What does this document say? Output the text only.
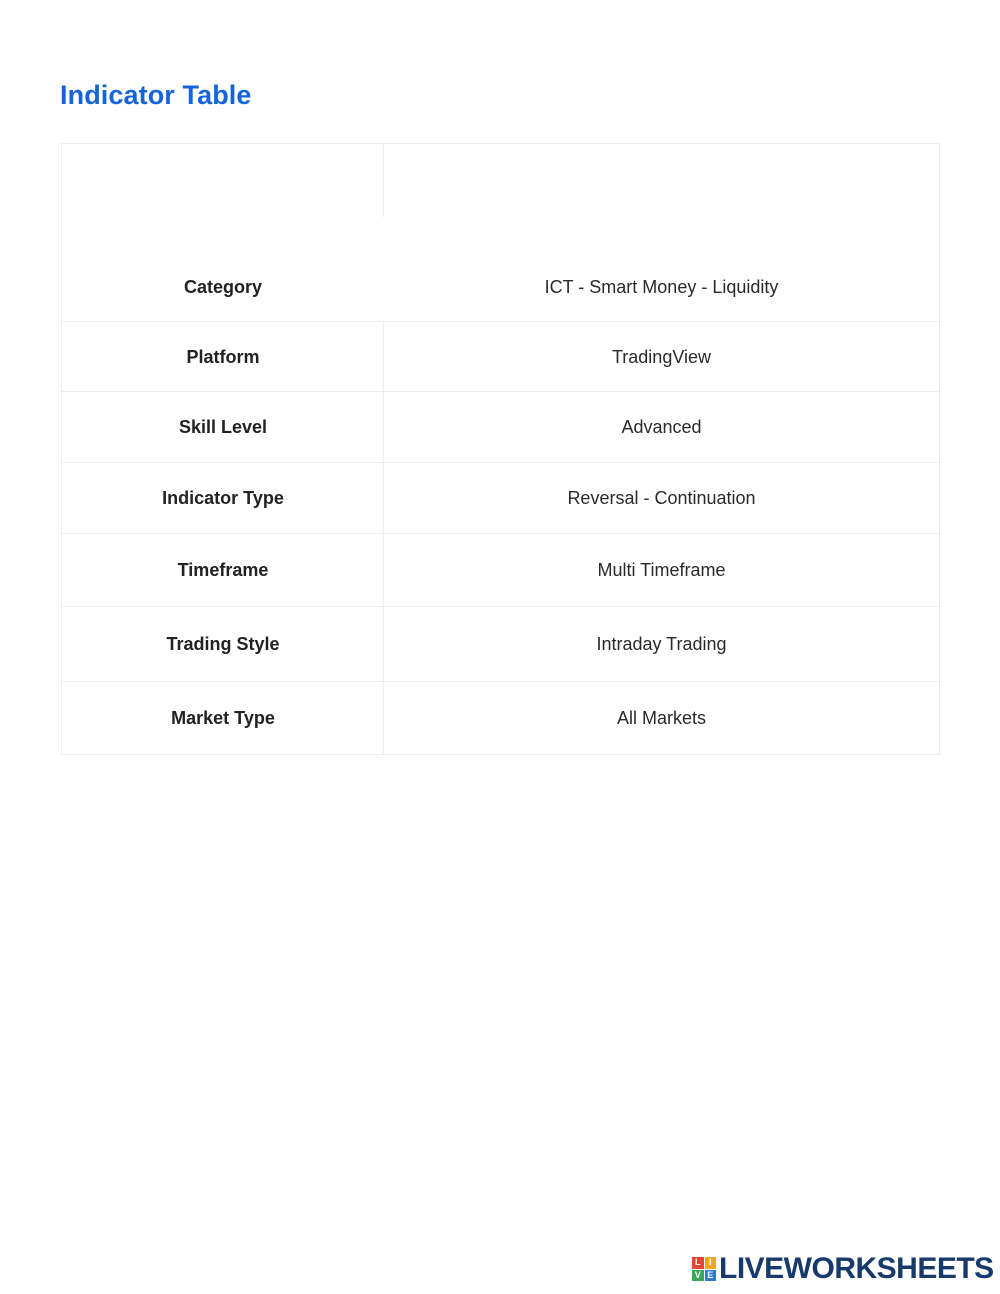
Indicator Table
Category	ICT - Smart Money - Liquidity
Platform	TradingView
Skill Level	Advanced
Indicator Type	Reversal - Continuation
Timeframe	Multi Timeframe
Trading Style	Intraday Trading
Market Type	All Markets
L I
V E LIVEWORKSHEETS
